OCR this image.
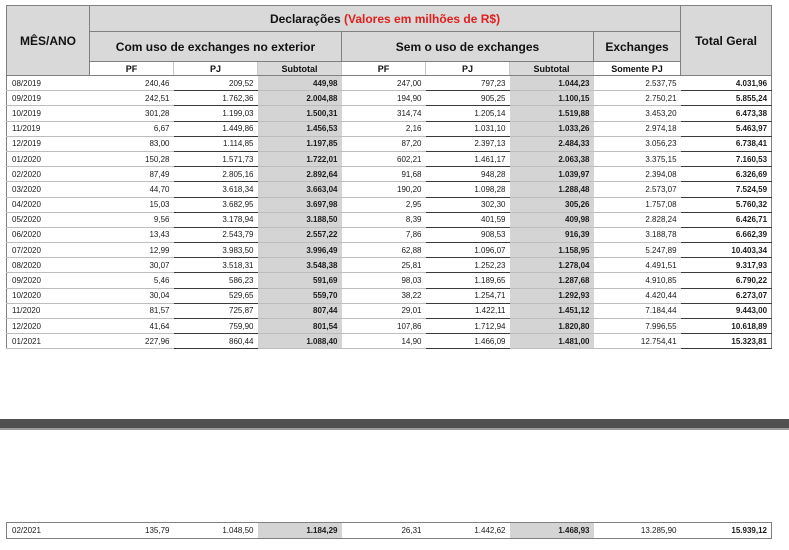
MÊS/ANO	Declarações (Valores em milhões de R$)							Total Geral
	Com uso de exchanges no exterior			Sem o uso de exchanges			Exchanges	
	PF	PJ	Subtotal	PF	PJ	Subtotal	Somente PJ	
08/2019	240,46	209,52	449,98	247,00	797,23	1.044,23	2.537,75	4.031,96
09/2019	242,51	1.762,36	2.004,88	194,90	905,25	1.100,15	2.750,21	5.855,24
10/2019	301,28	1.199,03	1.500,31	314,74	1.205,14	1.519,88	3.453,20	6.473,38
11/2019	6,67	1.449,86	1.456,53	2,16	1.031,10	1.033,26	2.974,18	5.463,97
12/2019	83,00	1.114,85	1.197,85	87,20	2.397,13	2.484,33	3.056,23	6.738,41
01/2020	150,28	1.571,73	1.722,01	602,21	1.461,17	2.063,38	3.375,15	7.160,53
02/2020	87,49	2.805,16	2.892,64	91,68	948,28	1.039,97	2.394,08	6.326,69
03/2020	44,70	3.618,34	3.663,04	190,20	1.098,28	1.288,48	2.573,07	7.524,59
04/2020	15,03	3.682,95	3.697,98	2,95	302,30	305,26	1.757,08	5.760,32
05/2020	9,56	3.178,94	3.188,50	8,39	401,59	409,98	2.828,24	6.426,71
06/2020	13,43	2.543,79	2.557,22	7,86	908,53	916,39	3.188,78	6.662,39
07/2020	12,99	3.983,50	3.996,49	62,88	1.096,07	1.158,95	5.247,89	10.403,34
08/2020	30,07	3.518,31	3.548,38	25,81	1.252,23	1.278,04	4.491,51	9.317,93
09/2020	5,46	586,23	591,69	98,03	1.189,65	1.287,68	4.910,85	6.790,22
10/2020	30,04	529,65	559,70	38,22	1.254,71	1.292,93	4.420,44	6.273,07
11/2020	81,57	725,87	807,44	29,01	1.422,11	1.451,12	7.184,44	9.443,00
12/2020	41,64	759,90	801,54	107,86	1.712,94	1.820,80	7.996,55	10.618,89
01/2021	227,96	860,44	1.088,40	14,90	1.466,09	1.481,00	12.754,41	15.323,81
02/2021	135,79	1.048,50	1.184,29	26,31	1.442,62	1.468,93	13.285,90	15.939,12
